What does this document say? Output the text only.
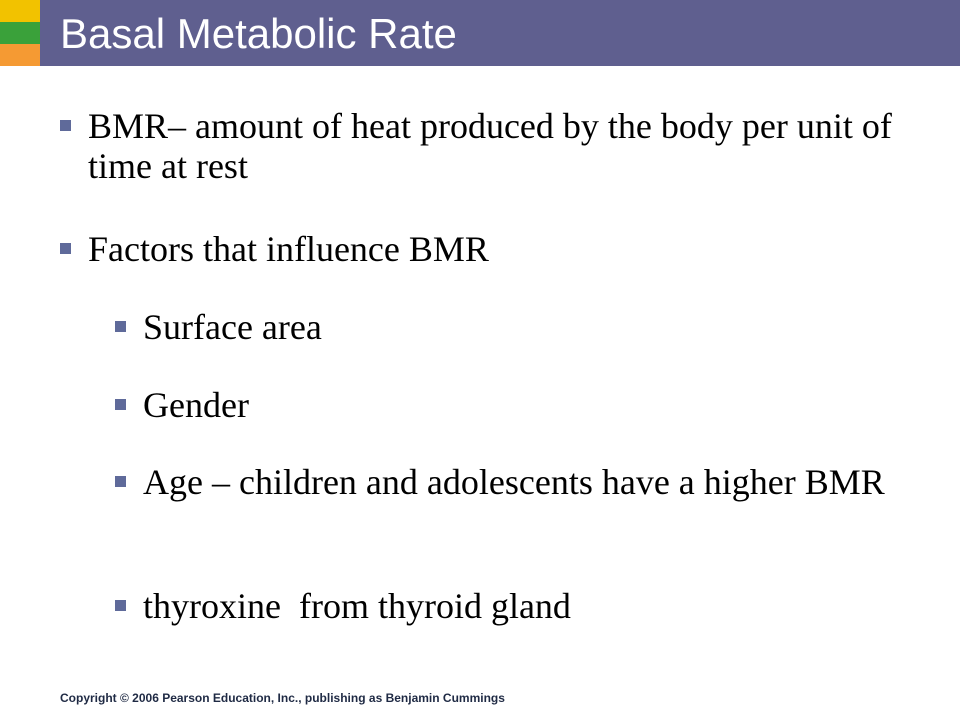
Basal Metabolic Rate
BMR– amount of heat produced by the body per unit of time at rest
Factors that influence BMR
Surface area
Gender
Age – children and adolescents have a higher BMR
thyroxine  from thyroid gland
Copyright © 2006 Pearson Education, Inc., publishing as Benjamin Cummings
